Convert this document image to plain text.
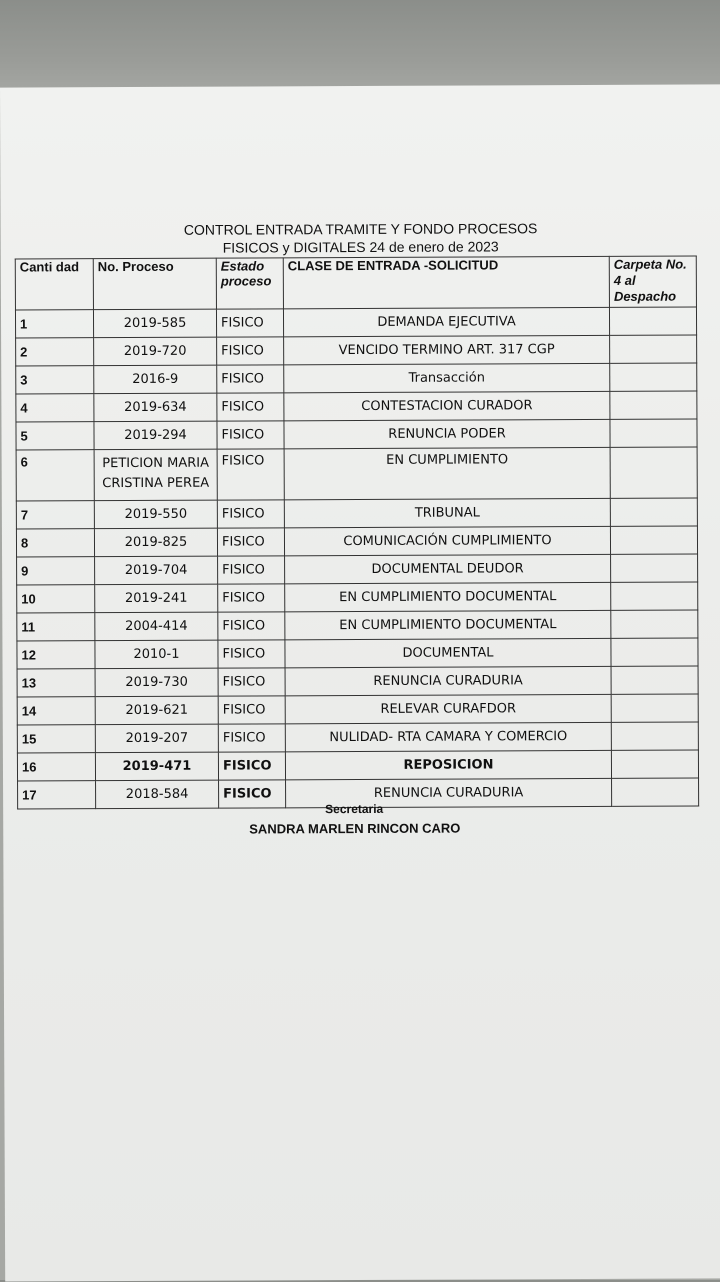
CONTROL ENTRADA TRAMITE Y FONDO PROCESOS
FISICOS y DIGITALES 24 de enero de 2023
Canti dad	No. Proceso	Estado proceso	CLASE DE ENTRADA -SOLICITUD	Carpeta No. 4 al Despacho
1	2019-585	FISICO	DEMANDA EJECUTIVA	
2	2019-720	FISICO	VENCIDO TERMINO ART. 317 CGP	
3	2016-9	FISICO	Transacción	
4	2019-634	FISICO	CONTESTACION CURADOR	
5	2019-294	FISICO	RENUNCIA PODER	
6	PETICION MARIA CRISTINA PEREA	FISICO	EN CUMPLIMIENTO	
7	2019-550	FISICO	TRIBUNAL	
8	2019-825	FISICO	COMUNICACIÓN CUMPLIMIENTO	
9	2019-704	FISICO	DOCUMENTAL DEUDOR	
10	2019-241	FISICO	EN CUMPLIMIENTO DOCUMENTAL	
11	2004-414	FISICO	EN CUMPLIMIENTO DOCUMENTAL	
12	2010-1	FISICO	DOCUMENTAL	
13	2019-730	FISICO	RENUNCIA CURADURIA	
14	2019-621	FISICO	RELEVAR CURAFDOR	
15	2019-207	FISICO	NULIDAD- RTA CAMARA Y COMERCIO	
16	2019-471	FISICO	REPOSICION	
17	2018-584	FISICO	RENUNCIA CURADURIA	
Secretaria
SANDRA MARLEN RINCON CARO
